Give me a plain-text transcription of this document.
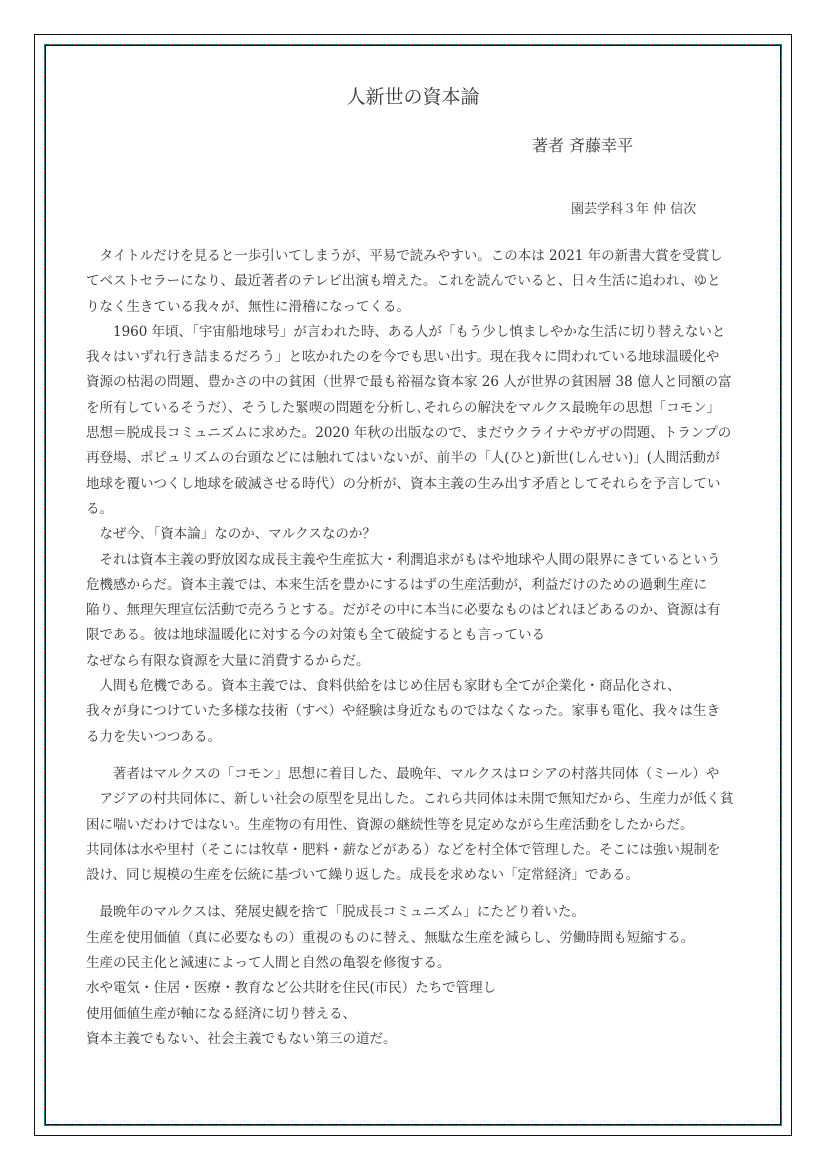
人新世の資本論
著者 斉藤幸平
園芸学科３年 仲 信次
　タイトルだけを見ると一歩引いてしまうが、平易で読みやすい。この本は 2021 年の新書大賞を受賞し
てベストセラーになり、最近著者のテレビ出演も増えた。これを読んでいると、日々生活に追われ、ゆと
りなく生きている我々が、無性に滑稽になってくる。
　　1960 年頃、「宇宙船地球号」が言われた時、ある人が「もう少し慎ましやかな生活に切り替えないと
我々はいずれ行き詰まるだろう」と呟かれたのを今でも思い出す。現在我々に問われている地球温暖化や
資源の枯渇の問題、豊かさの中の貧困（世界で最も裕福な資本家 26 人が世界の貧困層 38 億人と同額の富
を所有しているそうだ）、そうした緊喫の問題を分析し､それらの解決をマルクス最晩年の思想「コモン」
思想＝脱成長コミュニズムに求めた。2020 年秋の出版なので、まだウクライナやガザの問題、トランプの
再登場、ポピュリズムの台頭などには触れてはいないが、前半の「人(ひと)新世(しんせい)」(人間活動が
地球を覆いつくし地球を破滅させる時代）の分析が、資本主義の生み出す矛盾としてそれらを予言してい
る。
　なぜ今､「資本論」なのか、マルクスなのか？
　それは資本主義の野放図な成長主義や生産拡大・利潤追求がもはや地球や人間の限界にきているという
危機感からだ。資本主義では、本来生活を豊かにするはずの生産活動が，利益だけのための過剰生産に
陥り、無理矢理宣伝活動で売ろうとする。だがその中に本当に必要なものはどれほどあるのか、資源は有
限である。彼は地球温暖化に対する今の対策も全て破綻するとも言っている
なぜなら有限な資源を大量に消費するからだ。
　人間も危機である。資本主義では、食料供給をはじめ住居も家財も全てが企業化・商品化され、
我々が身につけていた多様な技術（すべ）や経験は身近なものではなくなった。家事も電化、我々は生き
る力を失いつつある。
　　著者はマルクスの「コモン」思想に着目した、最晩年、マルクスはロシアの村落共同体（ミール）や
　アジアの村共同体に、新しい社会の原型を見出した。これら共同体は未開で無知だから、生産力が低く貧
困に喘いだわけではない。生産物の有用性、資源の継続性等を見定めながら生産活動をしたからだ。
共同体は水や里村（そこには牧草・肥料・薪などがある）などを村全体で管理した。そこには強い規制を
設け、同じ規模の生産を伝統に基づいて繰り返した。成長を求めない「定常経済」である。
　最晩年のマルクスは、発展史観を捨て「脱成長コミュニズム」にたどり着いた。
生産を使用価値（真に必要なもの）重視のものに替え、無駄な生産を減らし、労働時間も短縮する。
生産の民主化と減速によって人間と自然の亀裂を修復する。
水や電気・住居・医療・教育など公共財を住民(市民）たちで管理し
使用価値生産が軸になる経済に切り替える、
資本主義でもない、社会主義でもない第三の道だ。
